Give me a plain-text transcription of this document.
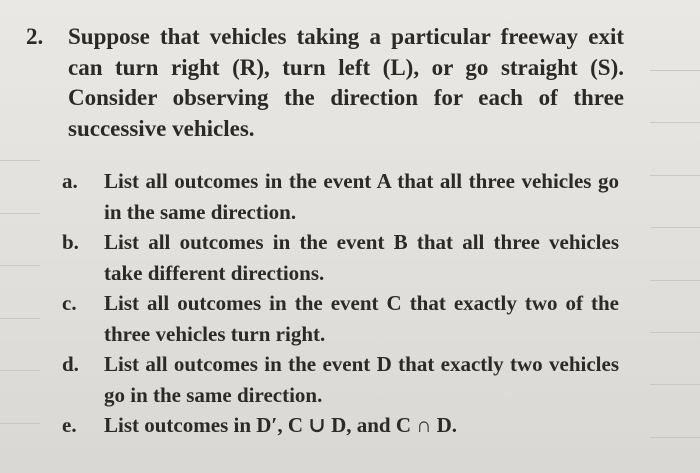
2.	Suppose that vehicles taking a particular freeway exit can turn right (R), turn left (L), or go straight (S). Consider observing the direction for each of three successive vehicles.
a.	List all outcomes in the event A that all three vehicles go in the same direction.
b.	List all outcomes in the event B that all three vehicles take different directions.
c.	List all outcomes in the event C that exactly two of the three vehicles turn right.
d.	List all outcomes in the event D that exactly two vehicles go in the same direction.
e.	List outcomes in D′, C ∪ D, and C ∩ D.
